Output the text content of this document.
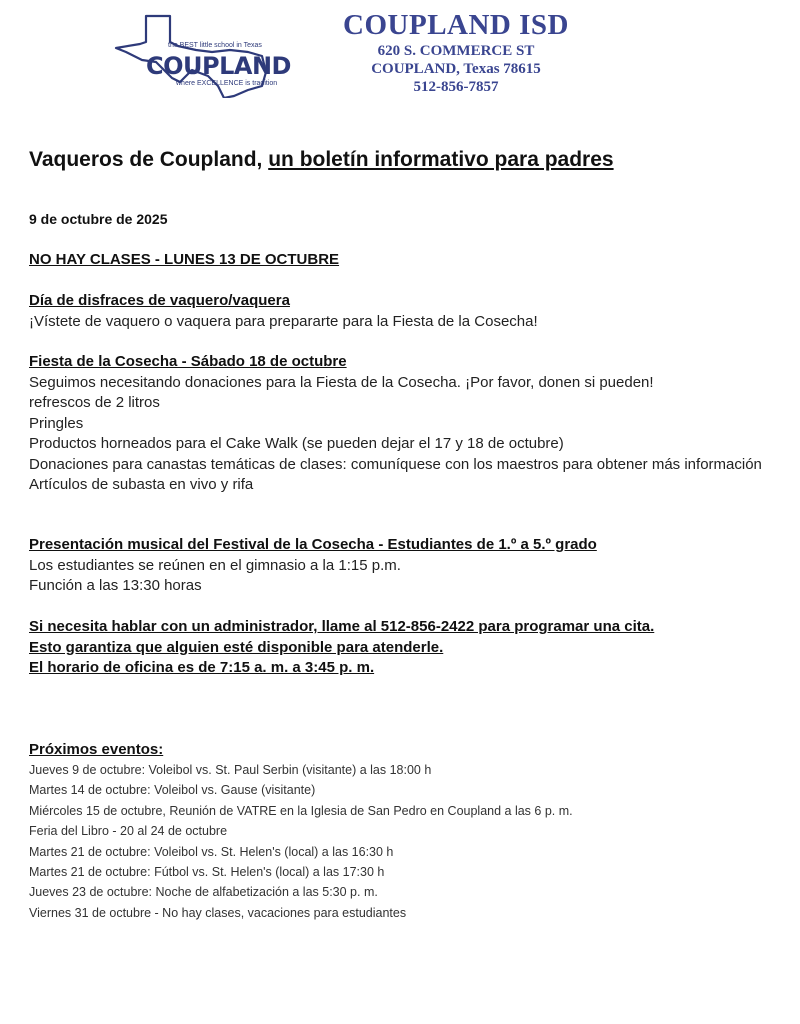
the BEST little school in Texas
COUPLAND
where EXCELLENCE is tradition
COUPLAND ISD
620 S. COMMERCE ST
COUPLAND, Texas 78615
512-856-7857
Vaqueros de Coupland, un boletín informativo para padres
9 de octubre de 2025
NO HAY CLASES - LUNES 13 DE OCTUBRE
Día de disfraces de vaquero/vaquera
¡Vístete de vaquero o vaquera para prepararte para la Fiesta de la Cosecha!
Fiesta de la Cosecha - Sábado 18 de octubre
Seguimos necesitando donaciones para la Fiesta de la Cosecha. ¡Por favor, donen si pueden!
refrescos de 2 litros
Pringles
Productos horneados para el Cake Walk (se pueden dejar el 17 y 18 de octubre)
Donaciones para canastas temáticas de clases: comuníquese con los maestros para obtener más información
Artículos de subasta en vivo y rifa
Presentación musical del Festival de la Cosecha - Estudiantes de 1.º a 5.º grado
Los estudiantes se reúnen en el gimnasio a la 1:15 p.m.
Función a las 13:30 horas
Si necesita hablar con un administrador, llame al 512-856-2422 para programar una cita.
Esto garantiza que alguien esté disponible para atenderle.
El horario de oficina es de 7:15 a. m. a 3:45 p. m.
Próximos eventos:
Jueves 9 de octubre: Voleibol vs. St. Paul Serbin (visitante) a las 18:00 h
Martes 14 de octubre: Voleibol vs. Gause (visitante)
Miércoles 15 de octubre, Reunión de VATRE en la Iglesia de San Pedro en Coupland a las 6 p. m.
Feria del Libro - 20 al 24 de octubre
Martes 21 de octubre: Voleibol vs. St. Helen's (local) a las 16:30 h
Martes 21 de octubre: Fútbol vs. St. Helen's (local) a las 17:30 h
Jueves 23 de octubre: Noche de alfabetización a las 5:30 p. m.
Viernes 31 de octubre - No hay clases, vacaciones para estudiantes
